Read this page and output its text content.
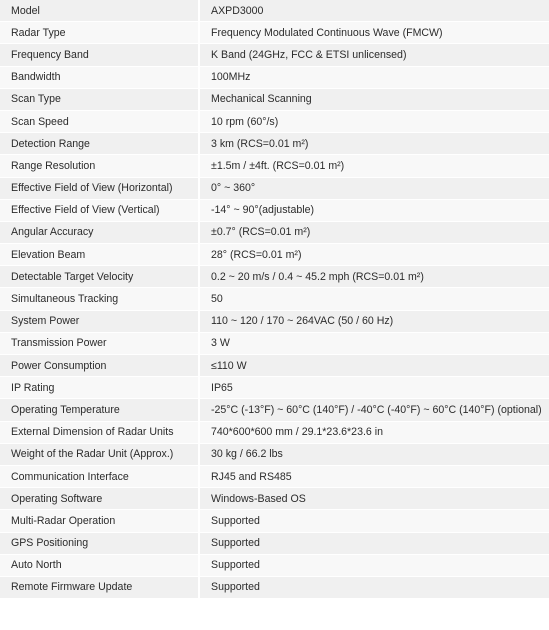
Model	AXPD3000
Radar Type	Frequency Modulated Continuous Wave (FMCW)
Frequency Band	K Band (24GHz, FCC & ETSI unlicensed)
Bandwidth	100MHz
Scan Type	Mechanical Scanning
Scan Speed	10 rpm (60°/s)
Detection Range	3 km (RCS=0.01 m²)
Range Resolution	±1.5m / ±4ft. (RCS=0.01 m²)
Effective Field of View (Horizontal)	0° ~ 360°
Effective Field of View (Vertical)	-14° ~ 90°(adjustable)
Angular Accuracy	±0.7° (RCS=0.01 m²)
Elevation Beam	28° (RCS=0.01 m²)
Detectable Target Velocity	0.2 ~ 20 m/s / 0.4 ~ 45.2 mph (RCS=0.01 m²)
Simultaneous Tracking	50
System Power	110 ~ 120 / 170 ~ 264VAC (50 / 60 Hz)
Transmission Power	3 W
Power Consumption	≤110 W
IP Rating	IP65
Operating Temperature	-25°C (-13°F) ~ 60°C (140°F) / -40°C (-40°F) ~ 60°C (140°F) (optional)
External Dimension of Radar Units	740*600*600 mm / 29.1*23.6*23.6 in
Weight of the Radar Unit (Approx.)	30 kg / 66.2 lbs
Communication Interface	RJ45 and RS485
Operating Software	Windows-Based OS
Multi-Radar Operation	Supported
GPS Positioning	Supported
Auto North	Supported
Remote Firmware Update	Supported
